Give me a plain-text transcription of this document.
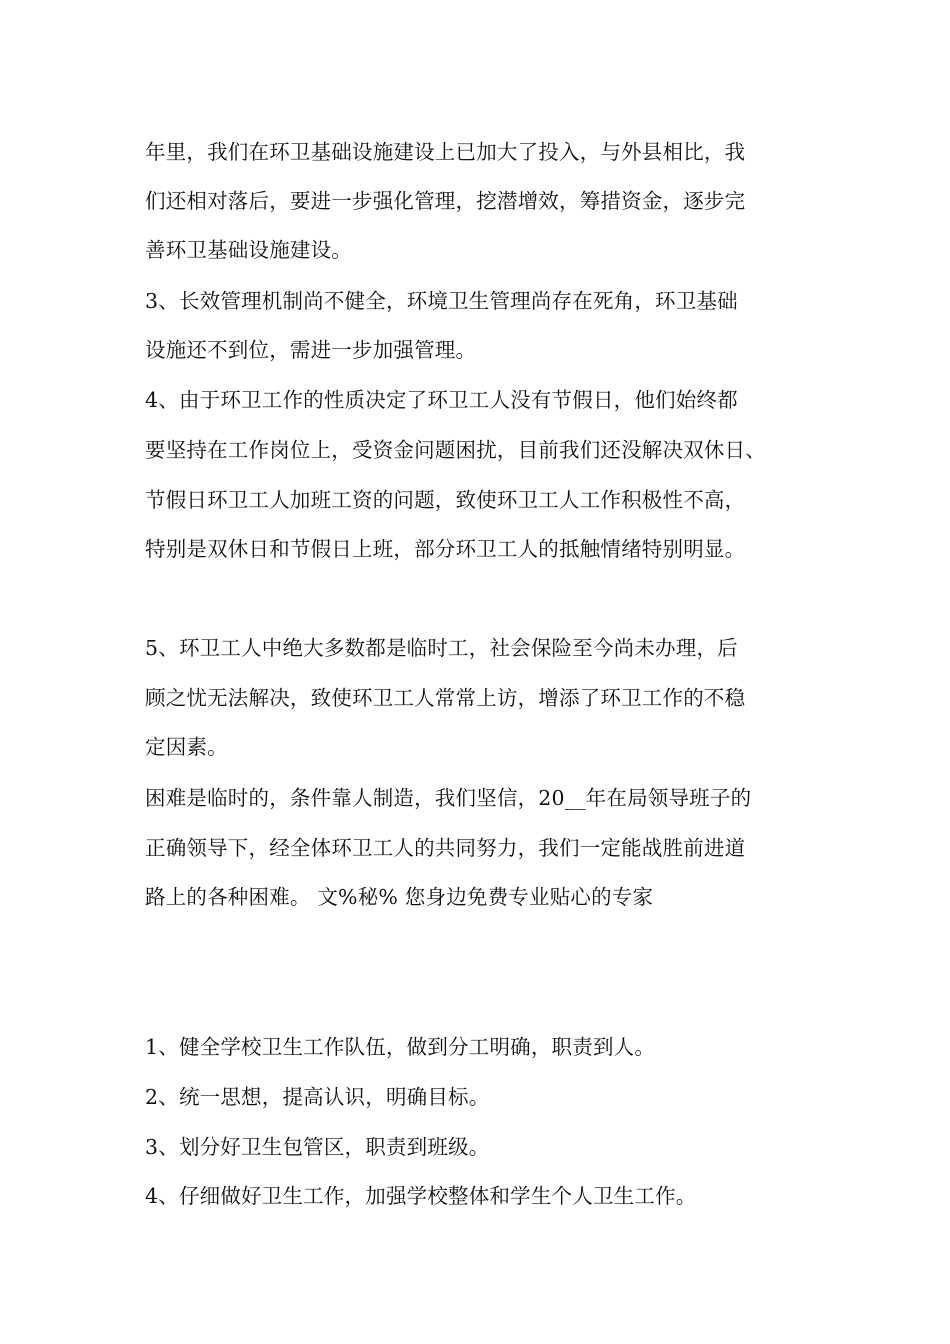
年里，我们在环卫基础设施建设上已加大了投入，与外县相比，我
们还相对落后，要进一步强化管理，挖潜增效，筹措资金，逐步完
善环卫基础设施建设。
3、长效管理机制尚不健全，环境卫生管理尚存在死角，环卫基础
设施还不到位，需进一步加强管理。
4、由于环卫工作的性质决定了环卫工人没有节假日，他们始终都
要坚持在工作岗位上，受资金问题困扰，目前我们还没解决双休日、
节假日环卫工人加班工资的问题，致使环卫工人工作积极性不高，
特别是双休日和节假日上班，部分环卫工人的抵触情绪特别明显。
5、环卫工人中绝大多数都是临时工，社会保险至今尚未办理，后
顾之忧无法解决，致使环卫工人常常上访，增添了环卫工作的不稳
定因素。
困难是临时的，条件靠人制造，我们坚信，20__年在局领导班子的
正确领导下，经全体环卫工人的共同努力，我们一定能战胜前进道
路上的各种困难。 文%秘% 您身边免费专业贴心的专家
1、健全学校卫生工作队伍，做到分工明确，职责到人。
2、统一思想，提高认识，明确目标。
3、划分好卫生包管区，职责到班级。
4、仔细做好卫生工作，加强学校整体和学生个人卫生工作。
